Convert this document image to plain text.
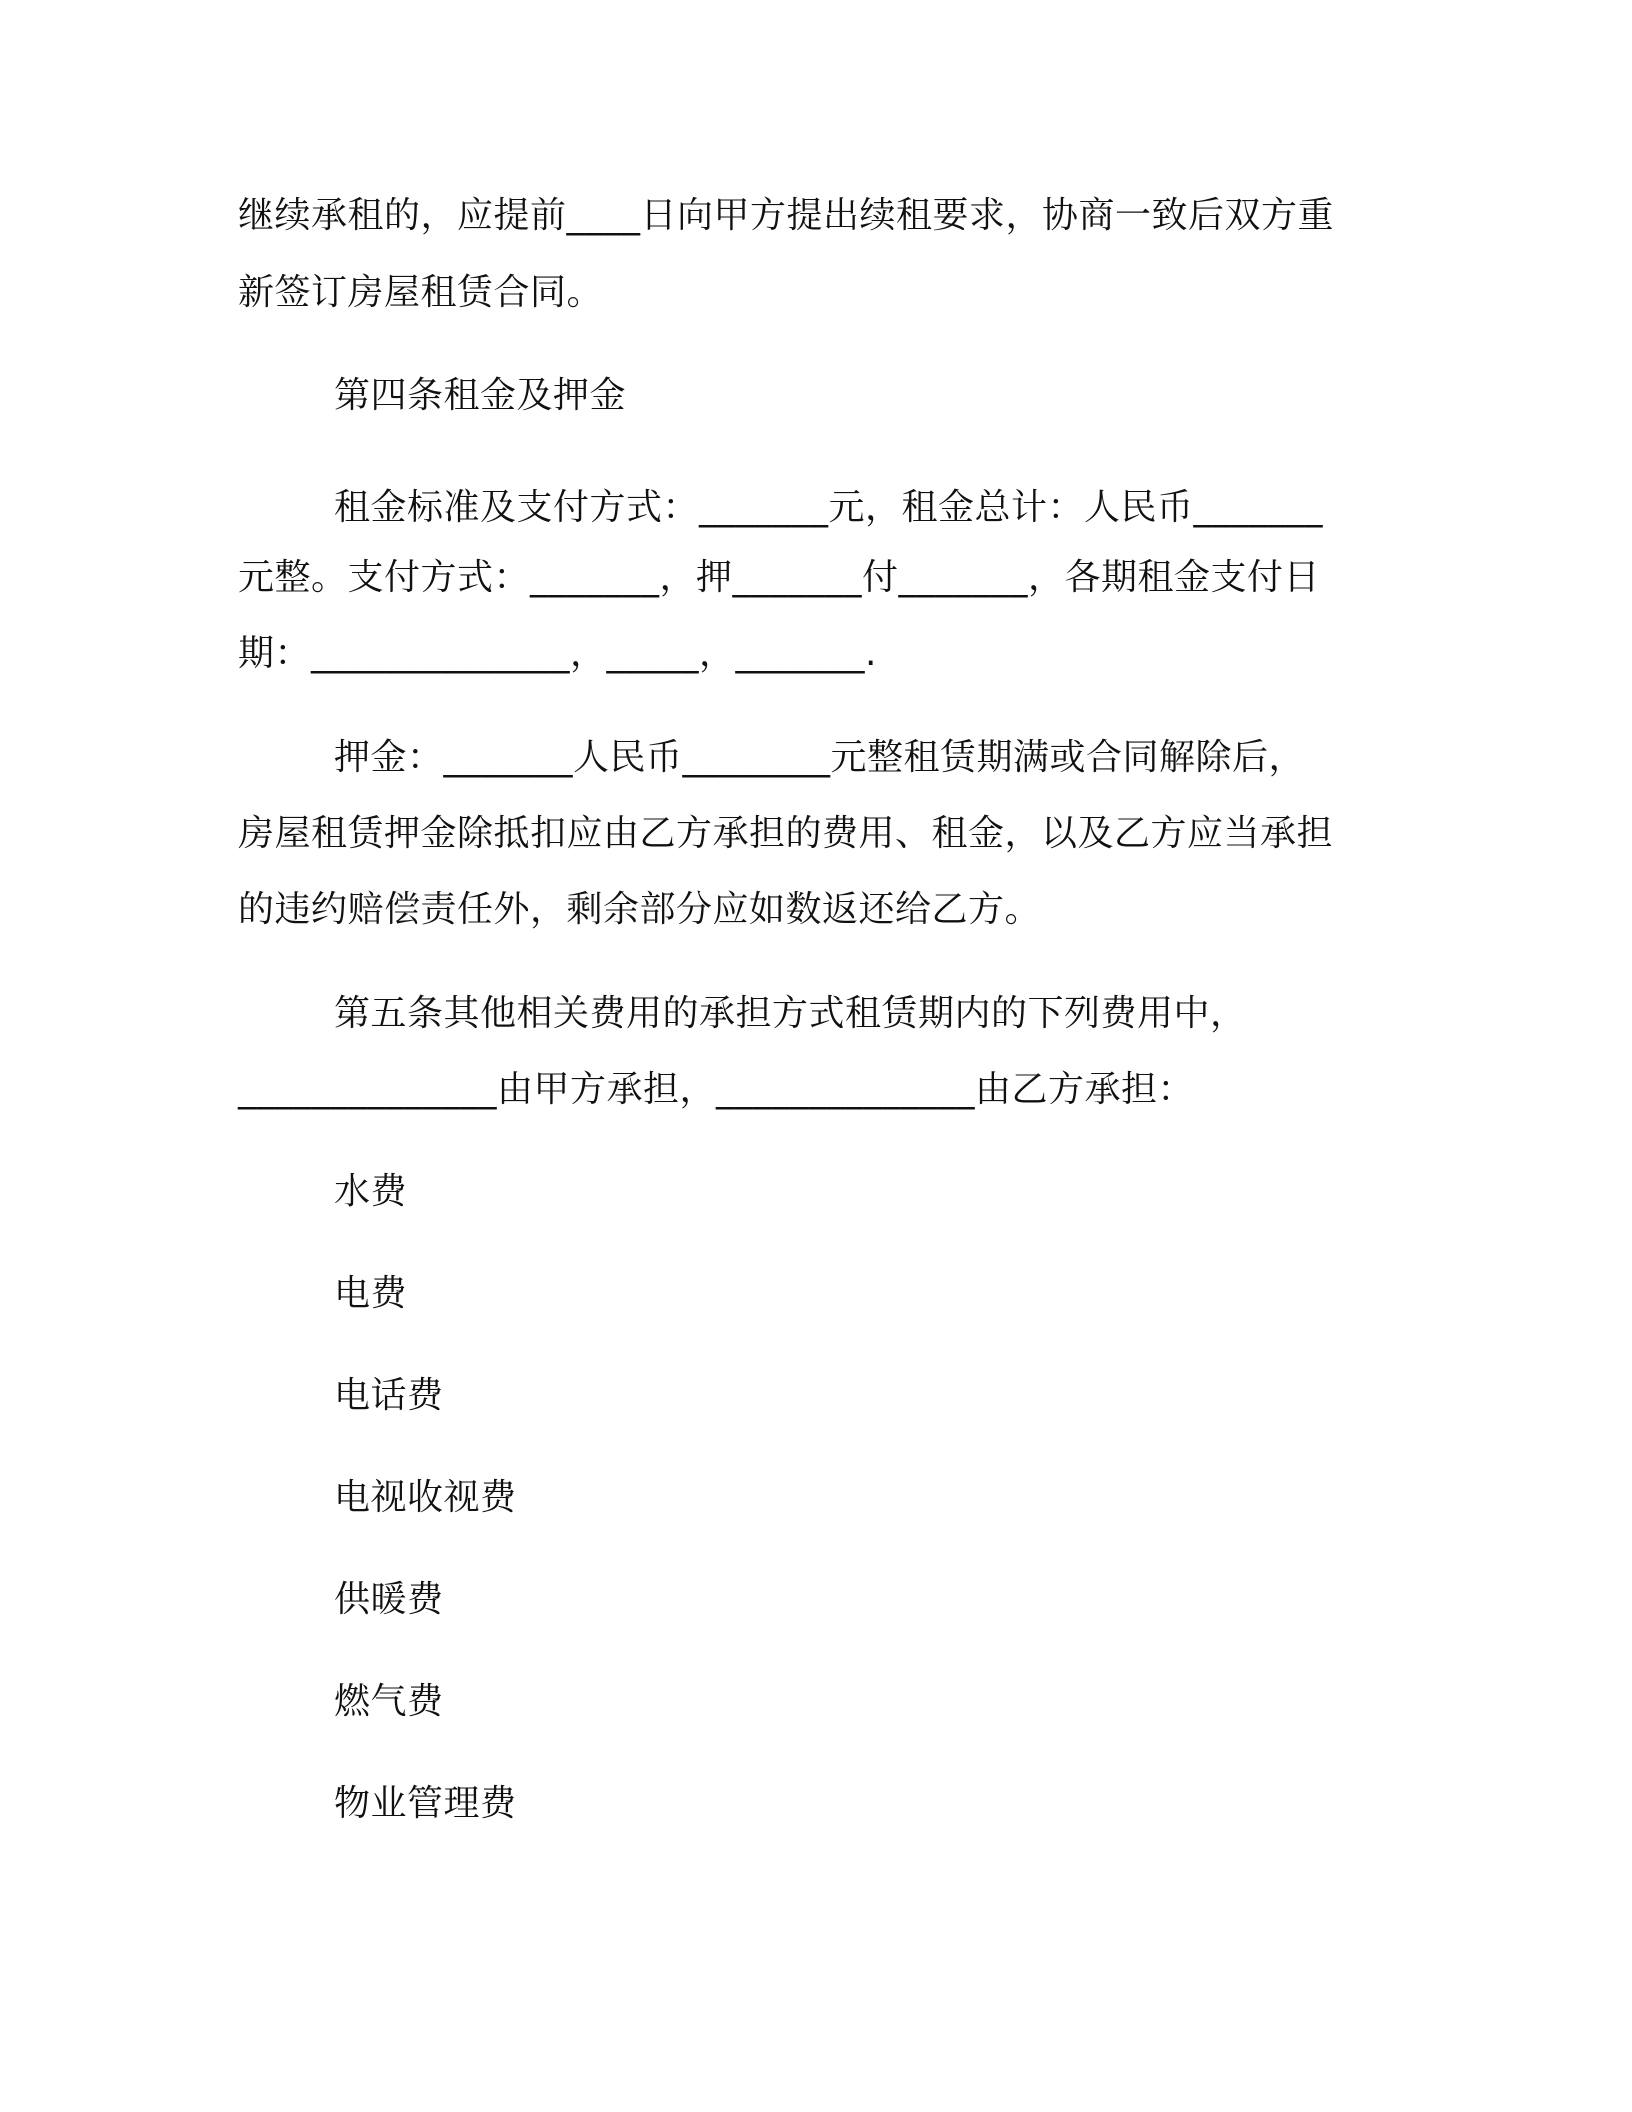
继续承租的，应提前____日向甲方提出续租要求，协商一致后双方重

新签订房屋租赁合同。

第四条租金及押金

租金标准及支付方式：_______元，租金总计：人民币_______

元整。支付方式：_______，押_______付_______，各期租金支付日

期：______________，_____，_______.

押金：_______人民币________元整租赁期满或合同解除后，

房屋租赁押金除抵扣应由乙方承担的费用、租金，以及乙方应当承担

的违约赔偿责任外，剩余部分应如数返还给乙方。

第五条其他相关费用的承担方式租赁期内的下列费用中，

______________由甲方承担，______________由乙方承担：

水费

电费

电话费

电视收视费

供暖费

燃气费

物业管理费
